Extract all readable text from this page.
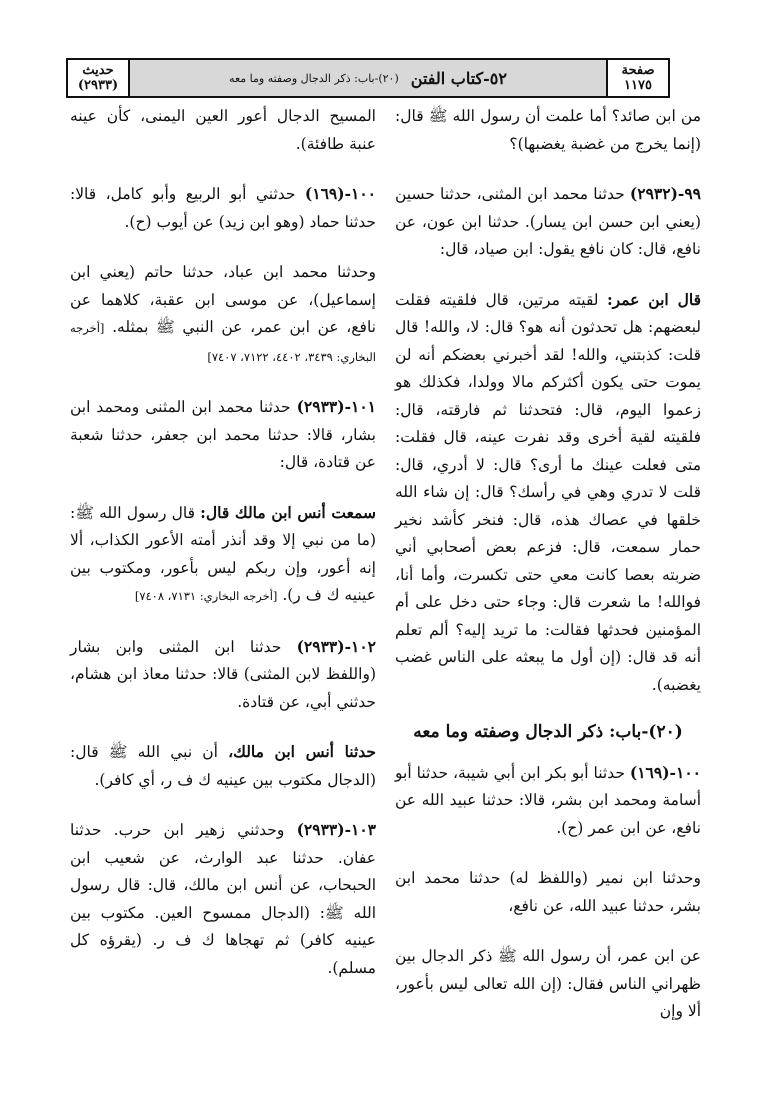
صفحة
١١٧٥
٥٢-كتاب الفتن
(٢٠)-باب: ذكر الدجال وصفته وما معه
حديث
(٢٩٣٣)

من ابن صائد؟ أما علمت أن رسول الله ﷺ قال: (إنما يخرج من غضبة يغضبها)؟

٩٩-(٢٩٣٢) حدثنا محمد ابن المثنى، حدثنا حسين (يعني ابن حسن ابن يسار). حدثنا ابن عون، عن نافع، قال: كان نافع يقول: ابن صياد، قال:

قال ابن عمر: لقيته مرتين، قال فلقيته فقلت لبعضهم: هل تحدثون أنه هو؟ قال: لا، والله! قال قلت: كذبتني، والله! لقد أخبرني بعضكم أنه لن يموت حتى يكون أكثركم مالا وولدا، فكذلك هو زعموا اليوم، قال: فتحدثنا ثم فارقته، قال: فلقيته لقية أخرى وقد نفرت عينه، قال فقلت: متى فعلت عينك ما أرى؟ قال: لا أدري، قال: قلت لا تدري وهي في رأسك؟ قال: إن شاء الله خلقها في عصاك هذه، قال: فنخر كأشد نخير حمار سمعت، قال: فزعم بعض أصحابي أني ضربته بعصا كانت معي حتى تكسرت، وأما أنا، فوالله! ما شعرت قال: وجاء حتى دخل على أم المؤمنين فحدثها فقالت: ما تريد إليه؟ ألم تعلم أنه قد قال: (إن أول ما يبعثه على الناس غضب يغضبه).

(٢٠)-باب: ذكر الدجال وصفته وما معه

١٠٠-(١٦٩) حدثنا أبو بكر ابن أبي شيبة، حدثنا أبو أسامة ومحمد ابن بشر، قالا: حدثنا عبيد الله عن نافع، عن ابن عمر (ح).

وحدثنا ابن نمير (واللفظ له) حدثنا محمد ابن بشر، حدثنا عبيد الله، عن نافع،

عن ابن عمر، أن رسول الله ﷺ ذكر الدجال بين ظهراني الناس فقال: (إن الله تعالى ليس بأعور، ألا وإن

المسيح الدجال أعور العين اليمنى، كأن عينه عنبة طافئة).

١٠٠-(١٦٩) حدثني أبو الربيع وأبو كامل، قالا: حدثنا حماد (وهو ابن زيد) عن أيوب (ح).

وحدثنا محمد ابن عباد، حدثنا حاتم (يعني ابن إسماعيل)، عن موسى ابن عقبة، كلاهما عن نافع، عن ابن عمر، عن النبي ﷺ بمثله. [أخرجه البخاري: ٣٤٣٩، ٤٤٠٢، ٧١٢٢، ٧٤٠٧]

١٠١-(٢٩٣٣) حدثنا محمد ابن المثنى ومحمد ابن بشار، قالا: حدثنا محمد ابن جعفر، حدثنا شعبة عن قتادة، قال:

سمعت أنس ابن مالك قال: قال رسول الله ﷺ: (ما من نبي إلا وقد أنذر أمته الأعور الكذاب، ألا إنه أعور، وإن ربكم ليس بأعور، ومكتوب بين عينيه ك ف ر). [أخرجه البخاري: ٧١٣١، ٧٤٠٨]

١٠٢-(٢٩٣٣) حدثنا ابن المثنى وابن بشار (واللفظ لابن المثنى) قالا: حدثنا معاذ ابن هشام، حدثني أبي، عن قتادة.

حدثنا أنس ابن مالك، أن نبي الله ﷺ قال: (الدجال مكتوب بين عينيه ك ف ر، أي كافر).

١٠٣-(٢٩٣٣) وحدثني زهير ابن حرب. حدثنا عفان. حدثنا عبد الوارث، عن شعيب ابن الحبحاب، عن أنس ابن مالك، قال: قال رسول الله ﷺ: (الدجال ممسوح العين. مكتوب بين عينيه كافر) ثم تهجاها ك ف ر. (يقرؤه كل مسلم).
